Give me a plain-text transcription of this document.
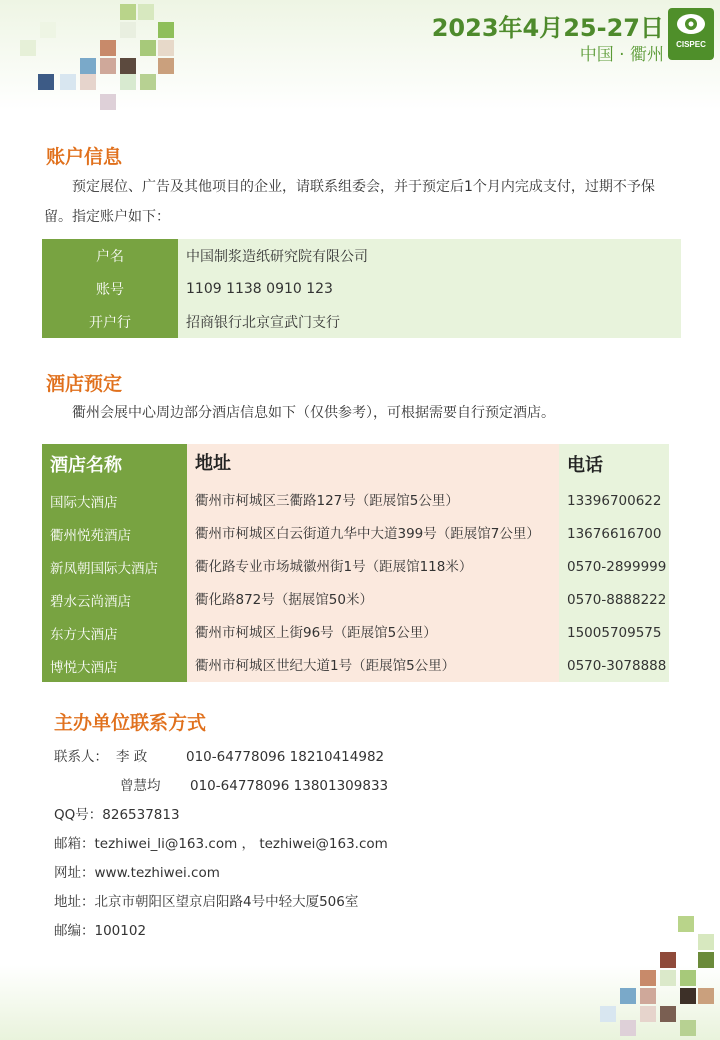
2023年4月25-27日
中国 · 衢州
CISPEC
账户信息
预定展位、广告及其他项目的企业，请联系组委会，并于预定后1个月内完成支付，过期不予保留。指定账户如下：
户名	中国制浆造纸研究院有限公司
账号	1109 1138 0910 123
开户行	招商银行北京宣武门支行
酒店预定
衢州会展中心周边部分酒店信息如下（仅供参考），可根据需要自行预定酒店。
酒店名称	地址	电话
国际大酒店	衢州市柯城区三衢路127号（距展馆5公里）	13396700622
衢州悦苑酒店	衢州市柯城区白云街道九华中大道399号（距展馆7公里）	13676616700
新凤朝国际大酒店	衢化路专业市场城徽州街1号（距展馆118米）	0570-2899999
碧水云尚酒店	衢化路872号（据展馆50米）	0570-8888222
东方大酒店	衢州市柯城区上街96号（距展馆5公里）	15005709575
博悦大酒店	衢州市柯城区世纪大道1号（距展馆5公里）	0570-3078888
主办单位联系方式
联系人： 李 政	010-64778096 18210414982
曾慧均 010-64778096 13801309833
QQ号：826537813
邮箱：tezhiwei_li@163.com ， tezhiwei@163.com
网址：www.tezhiwei.com
地址：北京市朝阳区望京启阳路4号中轻大厦506室
邮编：100102
